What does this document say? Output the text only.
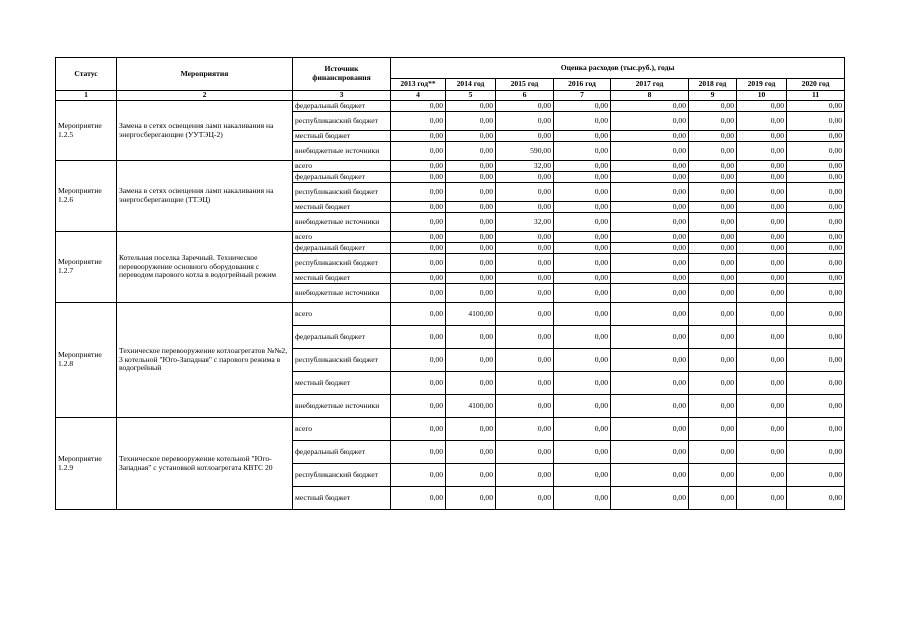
Статус	Мероприятия	Источник финансирования	Оценка расходов (тыс.руб.), годы							
			2013 год**	2014 год	2015 год	2016 год	2017 год	2018 год	2019 год	2020 год
1	2	3	4	5	6	7	8	9	10	11
Мероприятие 1.2.5	Замена в сетях освещения ламп накаливания на энергосберегающие (УУТЭЦ-2)	федеральный бюджет	0,00	0,00	0,00	0,00	0,00	0,00	0,00	0,00
		республиканский бюджет	0,00	0,00	0,00	0,00	0,00	0,00	0,00	0,00
		местный бюджет	0,00	0,00	0,00	0,00	0,00	0,00	0,00	0,00
		внебюджетные источники	0,00	0,00	590,00	0,00	0,00	0,00	0,00	0,00
Мероприятие 1.2.6	Замена в сетях освещения ламп накаливания на энергосберегающие (ТТЭЦ)	всего	0,00	0,00	32,00	0,00	0,00	0,00	0,00	0,00
		федеральный бюджет	0,00	0,00	0,00	0,00	0,00	0,00	0,00	0,00
		республиканский бюджет	0,00	0,00	0,00	0,00	0,00	0,00	0,00	0,00
		местный бюджет	0,00	0,00	0,00	0,00	0,00	0,00	0,00	0,00
		внебюджетные источники	0,00	0,00	32,00	0,00	0,00	0,00	0,00	0,00
Мероприятие 1.2.7	Котельная поселка Заречный. Техническое перевооружение основного оборудования с переводом парового котла в водогрейный режим	всего	0,00	0,00	0,00	0,00	0,00	0,00	0,00	0,00
		федеральный бюджет	0,00	0,00	0,00	0,00	0,00	0,00	0,00	0,00
		республиканский бюджет	0,00	0,00	0,00	0,00	0,00	0,00	0,00	0,00
		местный бюджет	0,00	0,00	0,00	0,00	0,00	0,00	0,00	0,00
		внебюджетные источники	0,00	0,00	0,00	0,00	0,00	0,00	0,00	0,00
Мероприятие 1.2.8	Техническое перевооружение котлоагрегатов №№2, 3 котельной "Юго-Западная" с парового режима в водогрейный	всего	0,00	4100,00	0,00	0,00	0,00	0,00	0,00	0,00
		федеральный бюджет	0,00	0,00	0,00	0,00	0,00	0,00	0,00	0,00
		республиканский бюджет	0,00	0,00	0,00	0,00	0,00	0,00	0,00	0,00
		местный бюджет	0,00	0,00	0,00	0,00	0,00	0,00	0,00	0,00
		внебюджетные источники	0,00	4100,00	0,00	0,00	0,00	0,00	0,00	0,00
Мероприятие 1.2.9	Техническое перевооружение котельной "Юго-Западная" с установкой котлоагрегата КВТС 20	всего	0,00	0,00	0,00	0,00	0,00	0,00	0,00	0,00
		федеральный бюджет	0,00	0,00	0,00	0,00	0,00	0,00	0,00	0,00
		республиканский бюджет	0,00	0,00	0,00	0,00	0,00	0,00	0,00	0,00
		местный бюджет	0,00	0,00	0,00	0,00	0,00	0,00	0,00	0,00
